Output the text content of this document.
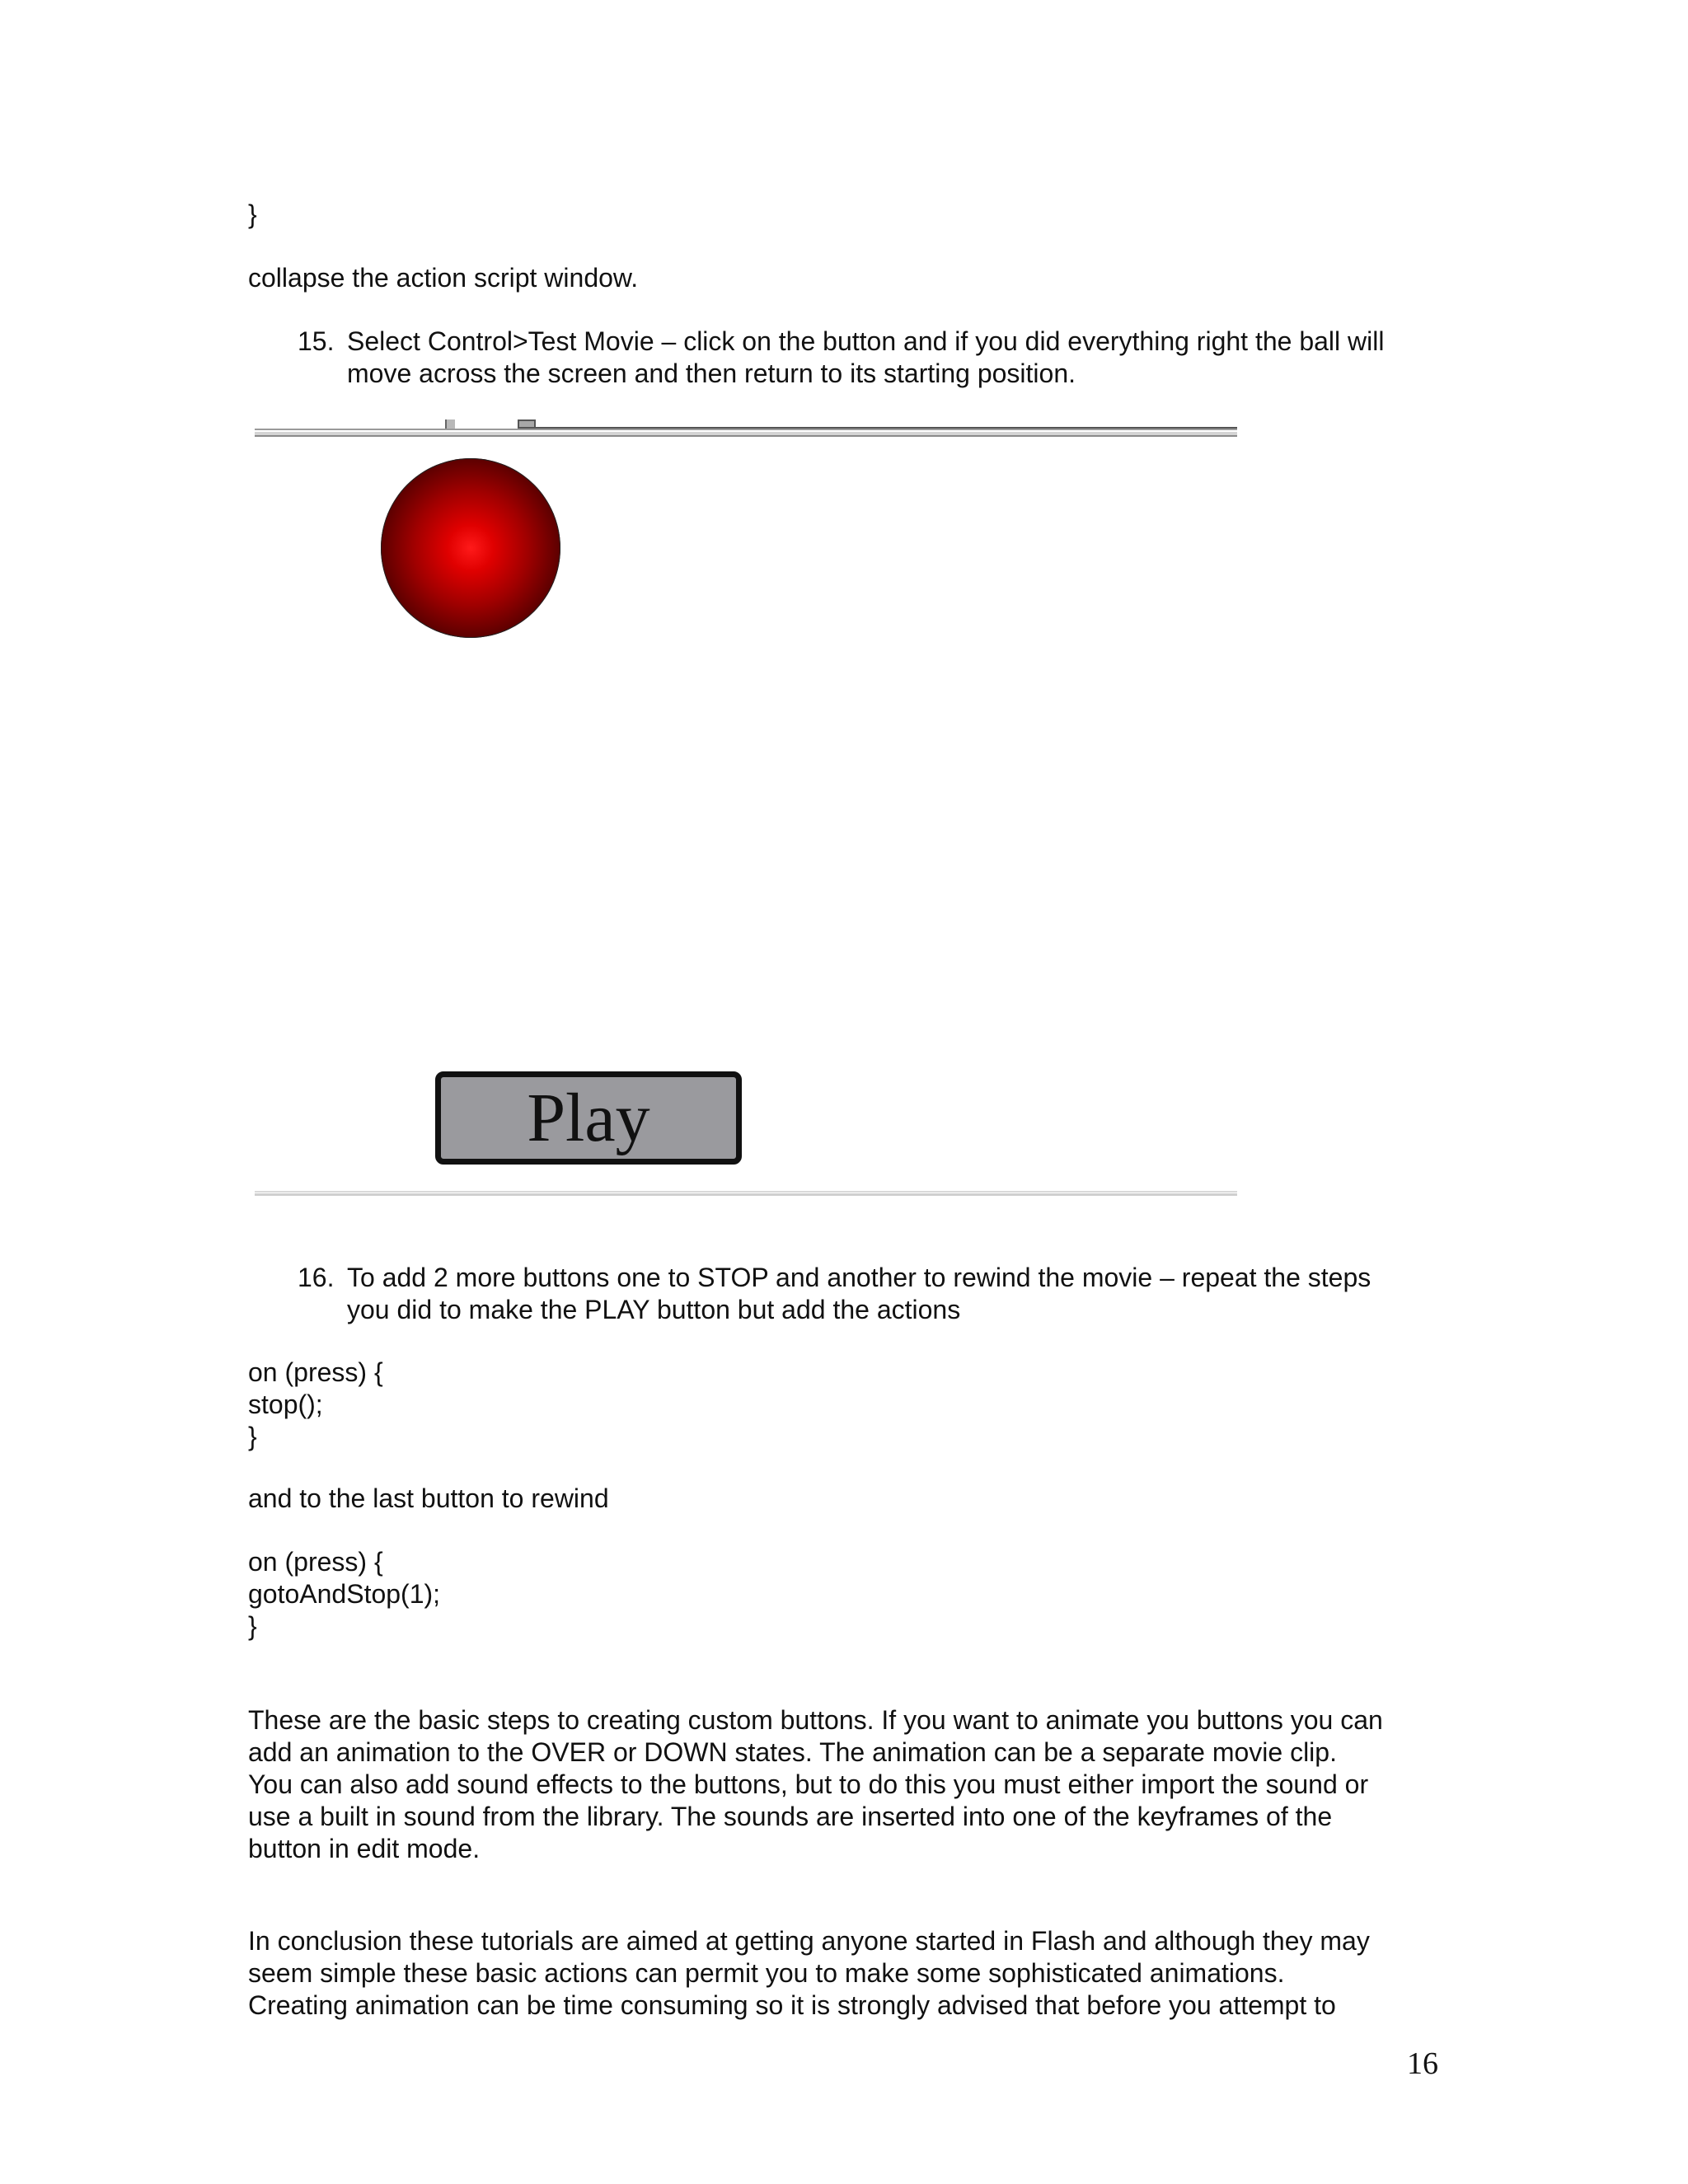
}

collapse the action script window.

15. Select Control>Test Movie – click on the button and if you did everything right the ball will
move across the screen and then return to its starting position.
Play
16. To add 2 more buttons one to STOP and another to rewind the movie – repeat the steps
you did to make the PLAY button but add the actions
on (press) {
stop();
}

and to the last button to rewind

on (press) {
gotoAndStop(1);
}
These are the basic steps to creating custom buttons. If you want to animate you buttons you can
add an animation to the OVER or DOWN states. The animation can be a separate movie clip.
You can also add sound effects to the buttons, but to do this you must either import the sound or
use a built in sound from the library. The sounds are inserted into one of the keyframes of the
button in edit mode.
In conclusion these tutorials are aimed at getting anyone started in Flash and although they may
seem simple these basic actions can permit you to make some sophisticated animations.
Creating animation can be time consuming so it is strongly advised that before you attempt to
16
